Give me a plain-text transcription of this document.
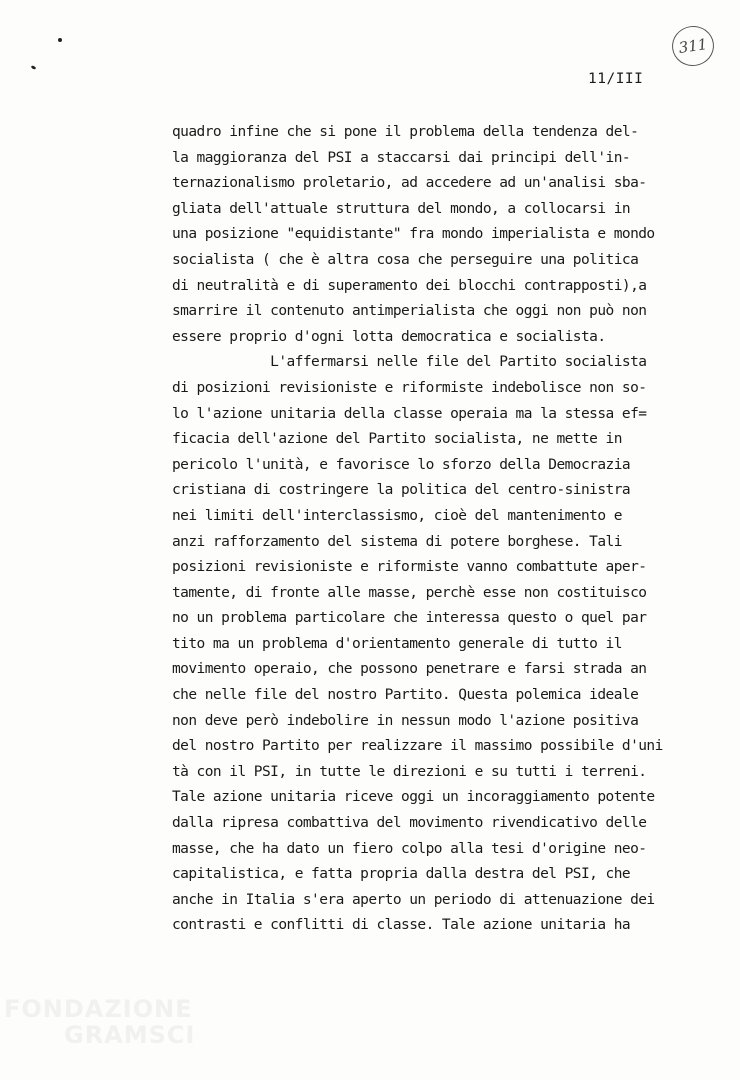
311
11/III
quadro infine che si pone il problema della tendenza del-
la maggioranza del PSI a staccarsi dai principi dell'in-
ternazionalismo proletario, ad accedere ad un'analisi sba-
gliata dell'attuale struttura del mondo, a collocarsi in
una posizione "equidistante" fra mondo imperialista e mondo
socialista ( che è altra cosa che perseguire una politica
di neutralità e di superamento dei blocchi contrapposti),a
smarrire il contenuto antimperialista che oggi non può non
essere proprio d'ogni lotta democratica e socialista.
L'affermarsi nelle file del Partito socialista
di posizioni revisioniste e riformiste indebolisce non so-
lo l'azione unitaria della classe operaia ma la stessa ef=
ficacia dell'azione del Partito socialista, ne mette in
pericolo l'unità, e favorisce lo sforzo della Democrazia
cristiana di costringere la politica del centro-sinistra
nei limiti dell'interclassismo, cioè del mantenimento e
anzi rafforzamento del sistema di potere borghese. Tali
posizioni revisioniste e riformiste vanno combattute aper-
tamente, di fronte alle masse, perchè esse non costituisco
no un problema particolare che interessa questo o quel par
tito ma un problema d'orientamento generale di tutto il
movimento operaio, che possono penetrare e farsi strada an
che nelle file del nostro Partito. Questa polemica ideale
non deve però indebolire in nessun modo l'azione positiva
del nostro Partito per realizzare il massimo possibile d'uni
tà con il PSI, in tutte le direzioni e su tutti i terreni.
Tale azione unitaria riceve oggi un incoraggiamento potente
dalla ripresa combattiva del movimento rivendicativo delle
masse, che ha dato un fiero colpo alla tesi d'origine neo-
capitalistica, e fatta propria dalla destra del PSI, che
anche in Italia s'era aperto un periodo di attenuazione dei
contrasti e conflitti di classe. Tale azione unitaria ha
FONDAZIONE
GRAMSCI
